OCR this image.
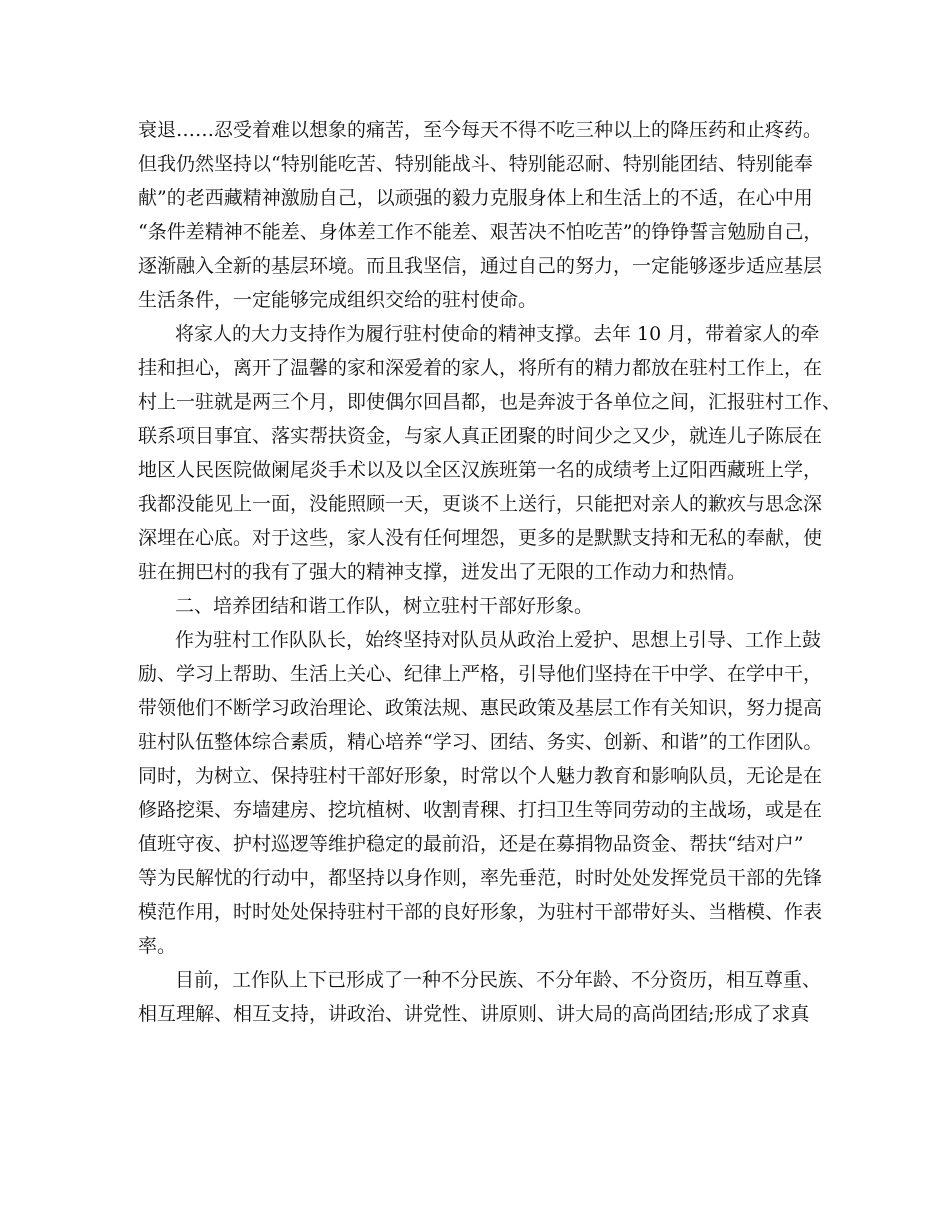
衰退……忍受着难以想象的痛苦，至今每天不得不吃三种以上的降压药和止疼药。

但我仍然坚持以“特别能吃苦、特别能战斗、特别能忍耐、特别能团结、特别能奉

献”的老西藏精神激励自己，以顽强的毅力克服身体上和生活上的不适，在心中用

“条件差精神不能差、身体差工作不能差、艰苦决不怕吃苦”的铮铮誓言勉励自己，

逐渐融入全新的基层环境。而且我坚信，通过自己的努力，一定能够逐步适应基层

生活条件，一定能够完成组织交给的驻村使命。

将家人的大力支持作为履行驻村使命的精神支撑。去年 10 月，带着家人的牵

挂和担心，离开了温馨的家和深爱着的家人，将所有的精力都放在驻村工作上，在

村上一驻就是两三个月，即使偶尔回昌都，也是奔波于各单位之间，汇报驻村工作、

联系项目事宜、落实帮扶资金，与家人真正团聚的时间少之又少，就连儿子陈辰在

地区人民医院做阑尾炎手术以及以全区汉族班第一名的成绩考上辽阳西藏班上学，

我都没能见上一面，没能照顾一天，更谈不上送行，只能把对亲人的歉疚与思念深

深埋在心底。对于这些，家人没有任何埋怨，更多的是默默支持和无私的奉献，使

驻在拥巴村的我有了强大的精神支撑，迸发出了无限的工作动力和热情。

二、培养团结和谐工作队，树立驻村干部好形象。

作为驻村工作队队长，始终坚持对队员从政治上爱护、思想上引导、工作上鼓

励、学习上帮助、生活上关心、纪律上严格，引导他们坚持在干中学、在学中干，

带领他们不断学习政治理论、政策法规、惠民政策及基层工作有关知识，努力提高

驻村队伍整体综合素质，精心培养“学习、团结、务实、创新、和谐”的工作团队。

同时，为树立、保持驻村干部好形象，时常以个人魅力教育和影响队员，无论是在

修路挖渠、夯墙建房、挖坑植树、收割青稞、打扫卫生等同劳动的主战场，或是在

值班守夜、护村巡逻等维护稳定的最前沿，还是在募捐物品资金、帮扶“结对户”

等为民解忧的行动中，都坚持以身作则，率先垂范，时时处处发挥党员干部的先锋

模范作用，时时处处保持驻村干部的良好形象，为驻村干部带好头、当楷模、作表

率。

目前，工作队上下已形成了一种不分民族、不分年龄、不分资历，相互尊重、

相互理解、相互支持，讲政治、讲党性、讲原则、讲大局的高尚团结;形成了求真
